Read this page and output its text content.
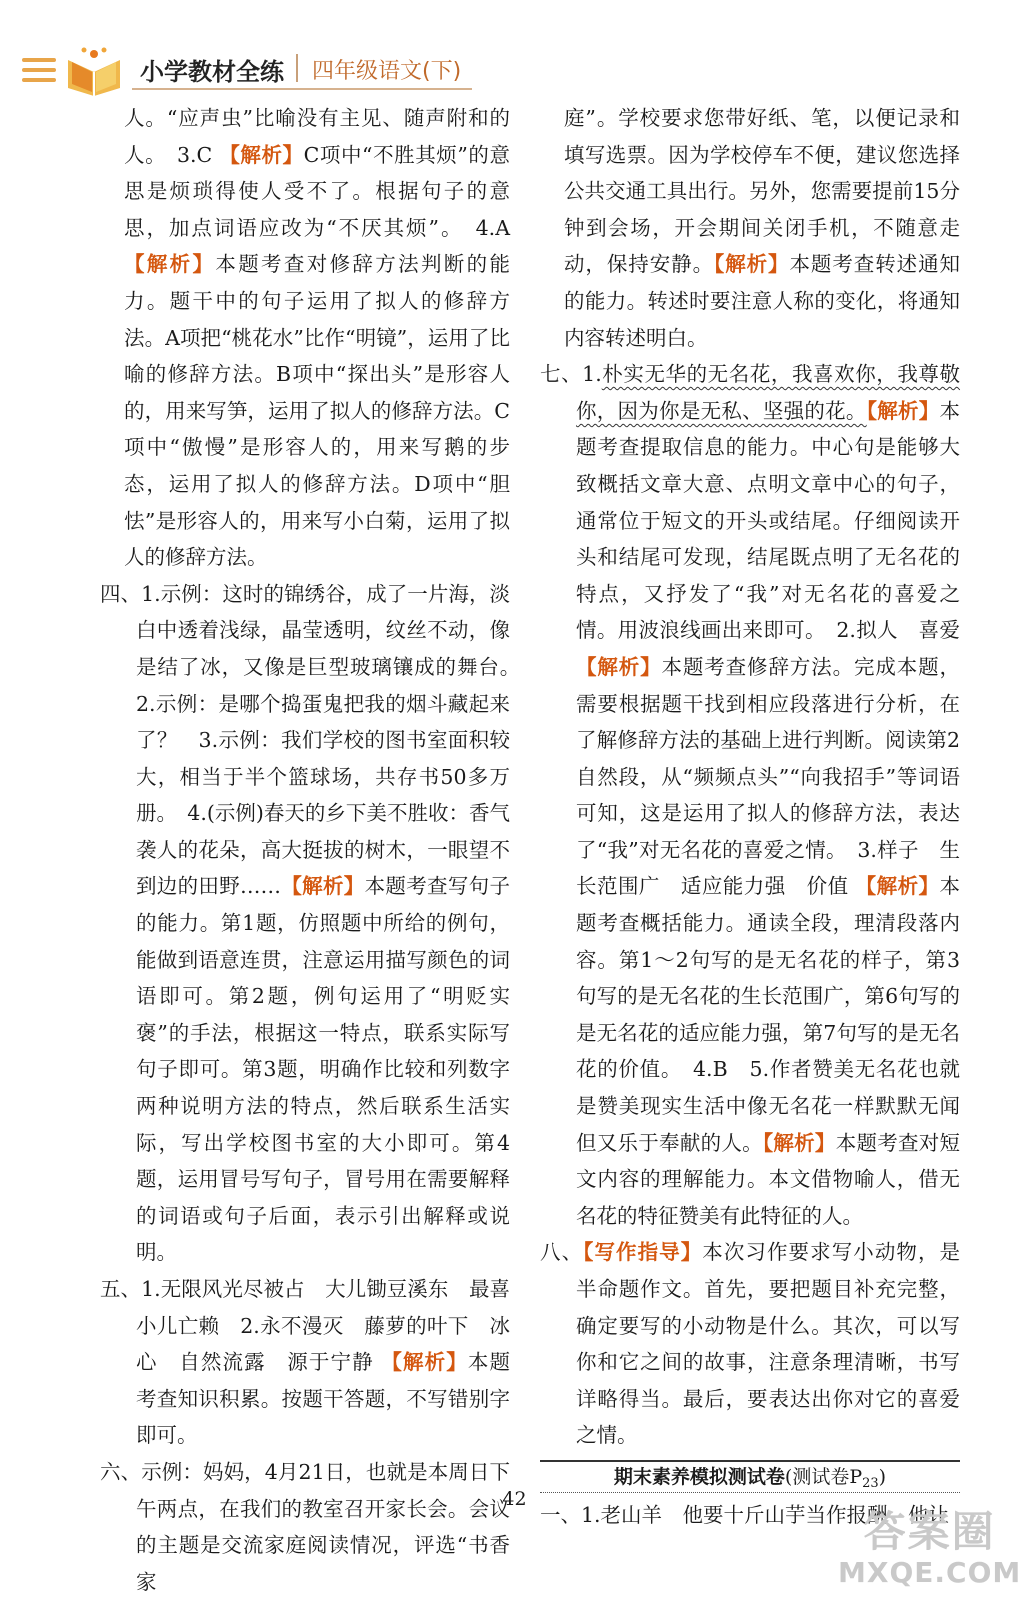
小学教材全练 四年级语文(下)

人。“应声虫”比喻没有主见、随声附和的人。　3.C 【解析】C项中“不胜其烦”的意思是烦琐得使人受不了。根据句子的意思，加点词语应改为“不厌其烦”。　4.A 【解析】本题考查对修辞方法判断的能力。题干中的句子运用了拟人的修辞方法。A项把“桃花水”比作“明镜”，运用了比喻的修辞方法。B项中“探出头”是形容人的，用来写笋，运用了拟人的修辞方法。C项中“傲慢”是形容人的，用来写鹅的步态，运用了拟人的修辞方法。D项中“胆怯”是形容人的，用来写小白菊，运用了拟人的修辞方法。

四、1.示例：这时的锦绣谷，成了一片海，淡白中透着浅绿，晶莹透明，纹丝不动，像是结了冰，又像是巨型玻璃镶成的舞台。　2.示例：是哪个捣蛋鬼把我的烟斗藏起来了？　3.示例：我们学校的图书室面积较大，相当于半个篮球场，共存书50多万册。　4.(示例)春天的乡下美不胜收：香气袭人的花朵，高大挺拔的树木，一眼望不到边的田野……【解析】本题考查写句子的能力。第1题，仿照题中所给的例句，能做到语意连贯，注意运用描写颜色的词语即可。第2题，例句运用了“明贬实褒”的手法，根据这一特点，联系实际写句子即可。第3题，明确作比较和列数字两种说明方法的特点，然后联系生活实际，写出学校图书室的大小即可。第4题，运用冒号写句子，冒号用在需要解释的词语或句子后面，表示引出解释或说明。

五、1.无限风光尽被占　大儿锄豆溪东　最喜小儿亡赖　2.永不漫灭　藤萝的叶下　冰心　自然流露　源于宁静 【解析】本题考查知识积累。按题干答题，不写错别字即可。

六、示例：妈妈，4月21日，也就是本周日下午两点，在我们的教室召开家长会。会议的主题是交流家庭阅读情况，评选“书香家

庭”。学校要求您带好纸、笔，以便记录和填写选票。因为学校停车不便，建议您选择公共交通工具出行。另外，您需要提前15分钟到会场，开会期间关闭手机，不随意走动，保持安静。【解析】本题考查转述通知的能力。转述时要注意人称的变化，将通知内容转述明白。

七、1.朴实无华的无名花，我喜欢你，我尊敬你，因为你是无私、坚强的花。【解析】本题考查提取信息的能力。中心句是能够大致概括文章大意、点明文章中心的句子，通常位于短文的开头或结尾。仔细阅读开头和结尾可发现，结尾既点明了无名花的特点，又抒发了“我”对无名花的喜爱之情。用波浪线画出来即可。　2.拟人　喜爱【解析】本题考查修辞方法。完成本题，需要根据题干找到相应段落进行分析，在了解修辞方法的基础上进行判断。阅读第2自然段，从“频频点头”“向我招手”等词语可知，这是运用了拟人的修辞方法，表达了“我”对无名花的喜爱之情。　3.样子　生长范围广　适应能力强　价值 【解析】本题考查概括能力。通读全段，理清段落内容。第1～2句写的是无名花的样子，第3句写的是无名花的生长范围广，第6句写的是无名花的适应能力强，第7句写的是无名花的价值。　4.B　5.作者赞美无名花也就是赞美现实生活中像无名花一样默默无闻但又乐于奉献的人。【解析】本题考查对短文内容的理解能力。本文借物喻人，借无名花的特征赞美有此特征的人。

八、【写作指导】本次习作要求写小动物，是半命题作文。首先，要把题目补充完整，确定要写的小动物是什么。其次，可以写你和它之间的故事，注意条理清晰，书写详略得当。最后，要表达出你对它的喜爱之情。

期末素养模拟测试卷(测试卷$P_{23}$)

一、1.老山羊　他要十斤山芋当作报酬　他让

42
答案圈
MXQE.COM
